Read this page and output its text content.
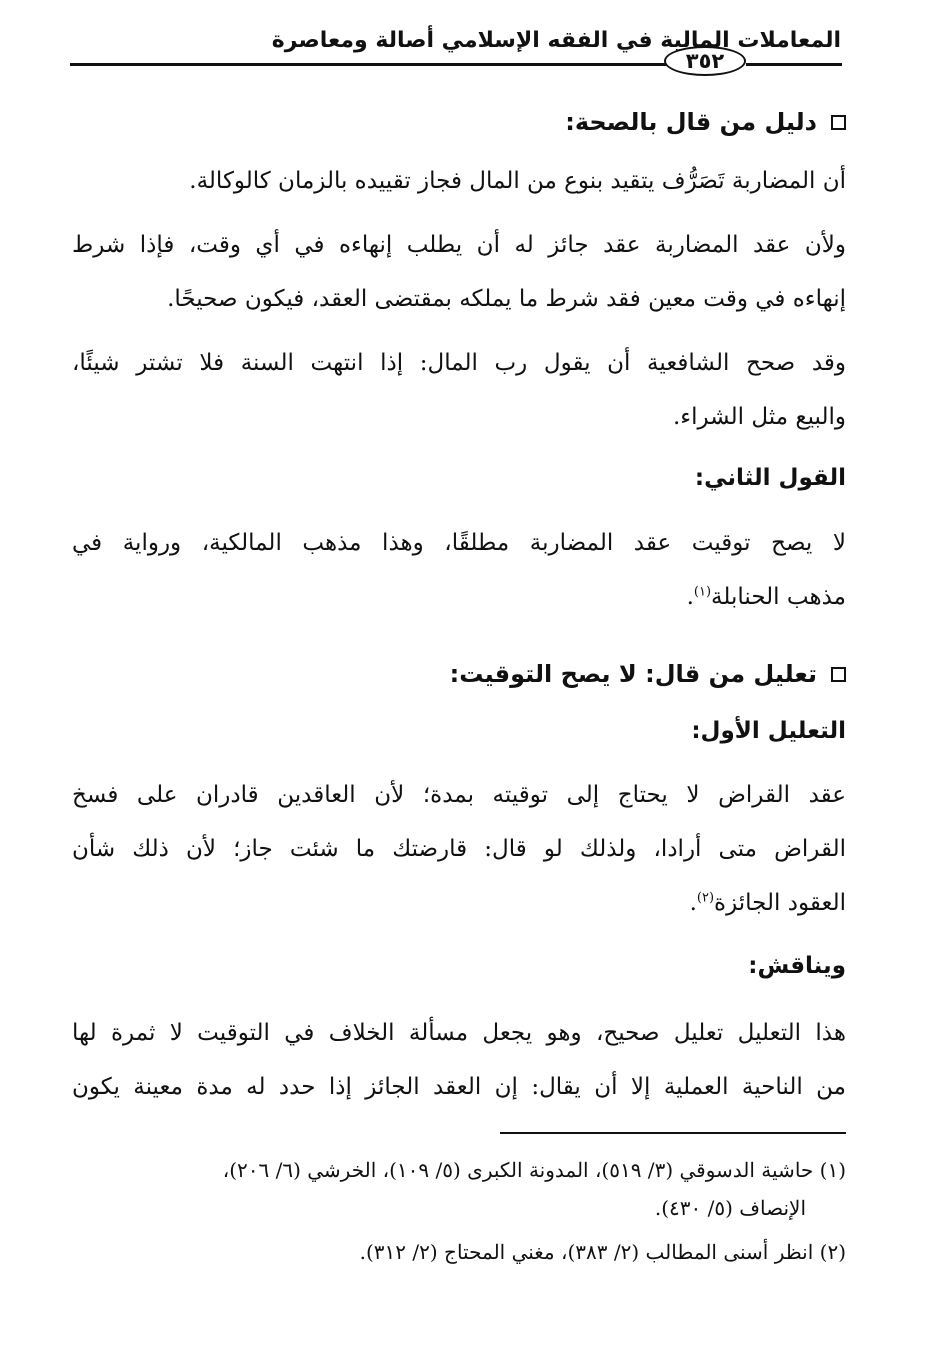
المعاملات المالية في الفقه الإسلامي أصالة ومعاصرة
٣٥٢
دليل من قال بالصحة:
أن المضاربة تَصَرُّف يتقيد بنوع من المال فجاز تقييده بالزمان كالوكالة.
ولأن عقد المضاربة عقد جائز له أن يطلب إنهاءه في أي وقت، فإذا شرط
إنهاءه في وقت معين فقد شرط ما يملكه بمقتضى العقد، فيكون صحيحًا.
وقد صحح الشافعية أن يقول رب المال: إذا انتهت السنة فلا تشتر شيئًا،
والبيع مثل الشراء.
القول الثاني:
لا يصح توقيت عقد المضاربة مطلقًا، وهذا مذهب المالكية، ورواية في
مذهب الحنابلة$^{(١)}$.
تعليل من قال: لا يصح التوقيت:
التعليل الأول:
عقد القراض لا يحتاج إلى توقيته بمدة؛ لأن العاقدين قادران على فسخ
القراض متى أرادا، ولذلك لو قال: قارضتك ما شئت جاز؛ لأن ذلك شأن
العقود الجائزة$^{(٢)}$.
ويناقش:
هذا التعليل تعليل صحيح، وهو يجعل مسألة الخلاف في التوقيت لا ثمرة لها
من الناحية العملية إلا أن يقال: إن العقد الجائز إذا حدد له مدة معينة يكون
(١) حاشية الدسوقي (٣/ ٥١٩)، المدونة الكبرى (٥/ ١٠٩)، الخرشي (٦/ ٢٠٦)،
الإنصاف (٥/ ٤٣٠).
(٢) انظر أسنى المطالب (٢/ ٣٨٣)، مغني المحتاج (٢/ ٣١٢).
